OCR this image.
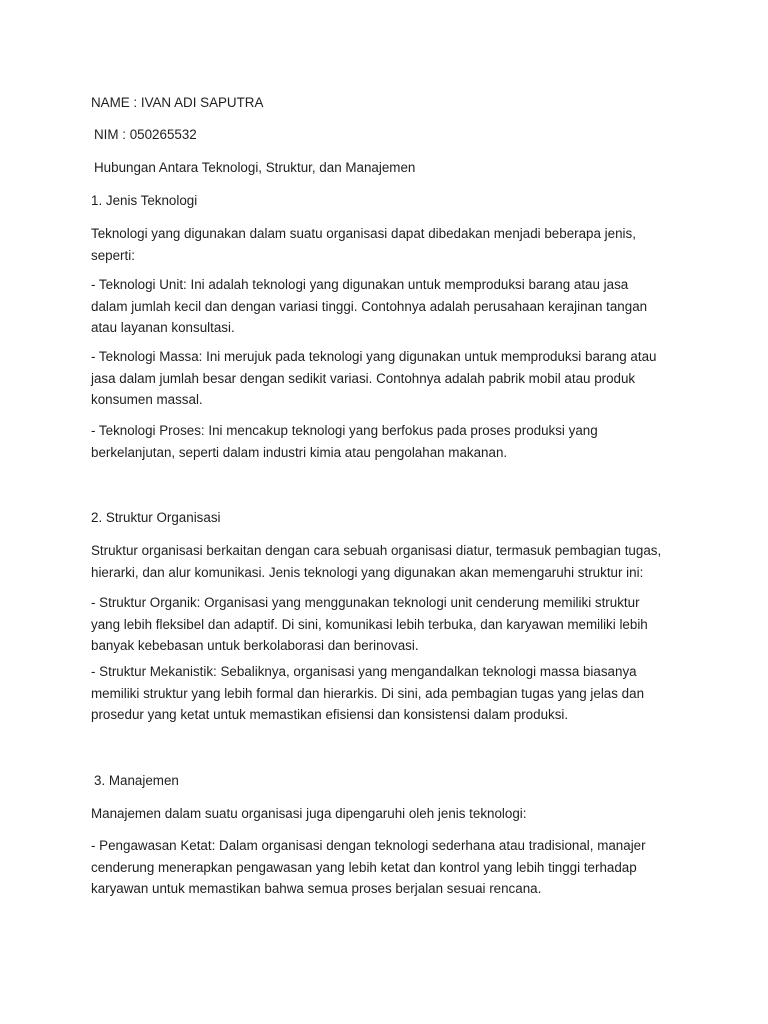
NAME : IVAN ADI SAPUTRA
NIM : 050265532
Hubungan Antara Teknologi, Struktur, dan Manajemen
1. Jenis Teknologi
Teknologi yang digunakan dalam suatu organisasi dapat dibedakan menjadi beberapa jenis,
seperti:
- Teknologi Unit: Ini adalah teknologi yang digunakan untuk memproduksi barang atau jasa
dalam jumlah kecil dan dengan variasi tinggi. Contohnya adalah perusahaan kerajinan tangan
atau layanan konsultasi.
- Teknologi Massa: Ini merujuk pada teknologi yang digunakan untuk memproduksi barang atau
jasa dalam jumlah besar dengan sedikit variasi. Contohnya adalah pabrik mobil atau produk
konsumen massal.
- Teknologi Proses: Ini mencakup teknologi yang berfokus pada proses produksi yang
berkelanjutan, seperti dalam industri kimia atau pengolahan makanan.
2. Struktur Organisasi
Struktur organisasi berkaitan dengan cara sebuah organisasi diatur, termasuk pembagian tugas,
hierarki, dan alur komunikasi. Jenis teknologi yang digunakan akan memengaruhi struktur ini:
- Struktur Organik: Organisasi yang menggunakan teknologi unit cenderung memiliki struktur
yang lebih fleksibel dan adaptif. Di sini, komunikasi lebih terbuka, dan karyawan memiliki lebih
banyak kebebasan untuk berkolaborasi dan berinovasi.
- Struktur Mekanistik: Sebaliknya, organisasi yang mengandalkan teknologi massa biasanya
memiliki struktur yang lebih formal dan hierarkis. Di sini, ada pembagian tugas yang jelas dan
prosedur yang ketat untuk memastikan efisiensi dan konsistensi dalam produksi.
3. Manajemen
Manajemen dalam suatu organisasi juga dipengaruhi oleh jenis teknologi:
- Pengawasan Ketat: Dalam organisasi dengan teknologi sederhana atau tradisional, manajer
cenderung menerapkan pengawasan yang lebih ketat dan kontrol yang lebih tinggi terhadap
karyawan untuk memastikan bahwa semua proses berjalan sesuai rencana.
